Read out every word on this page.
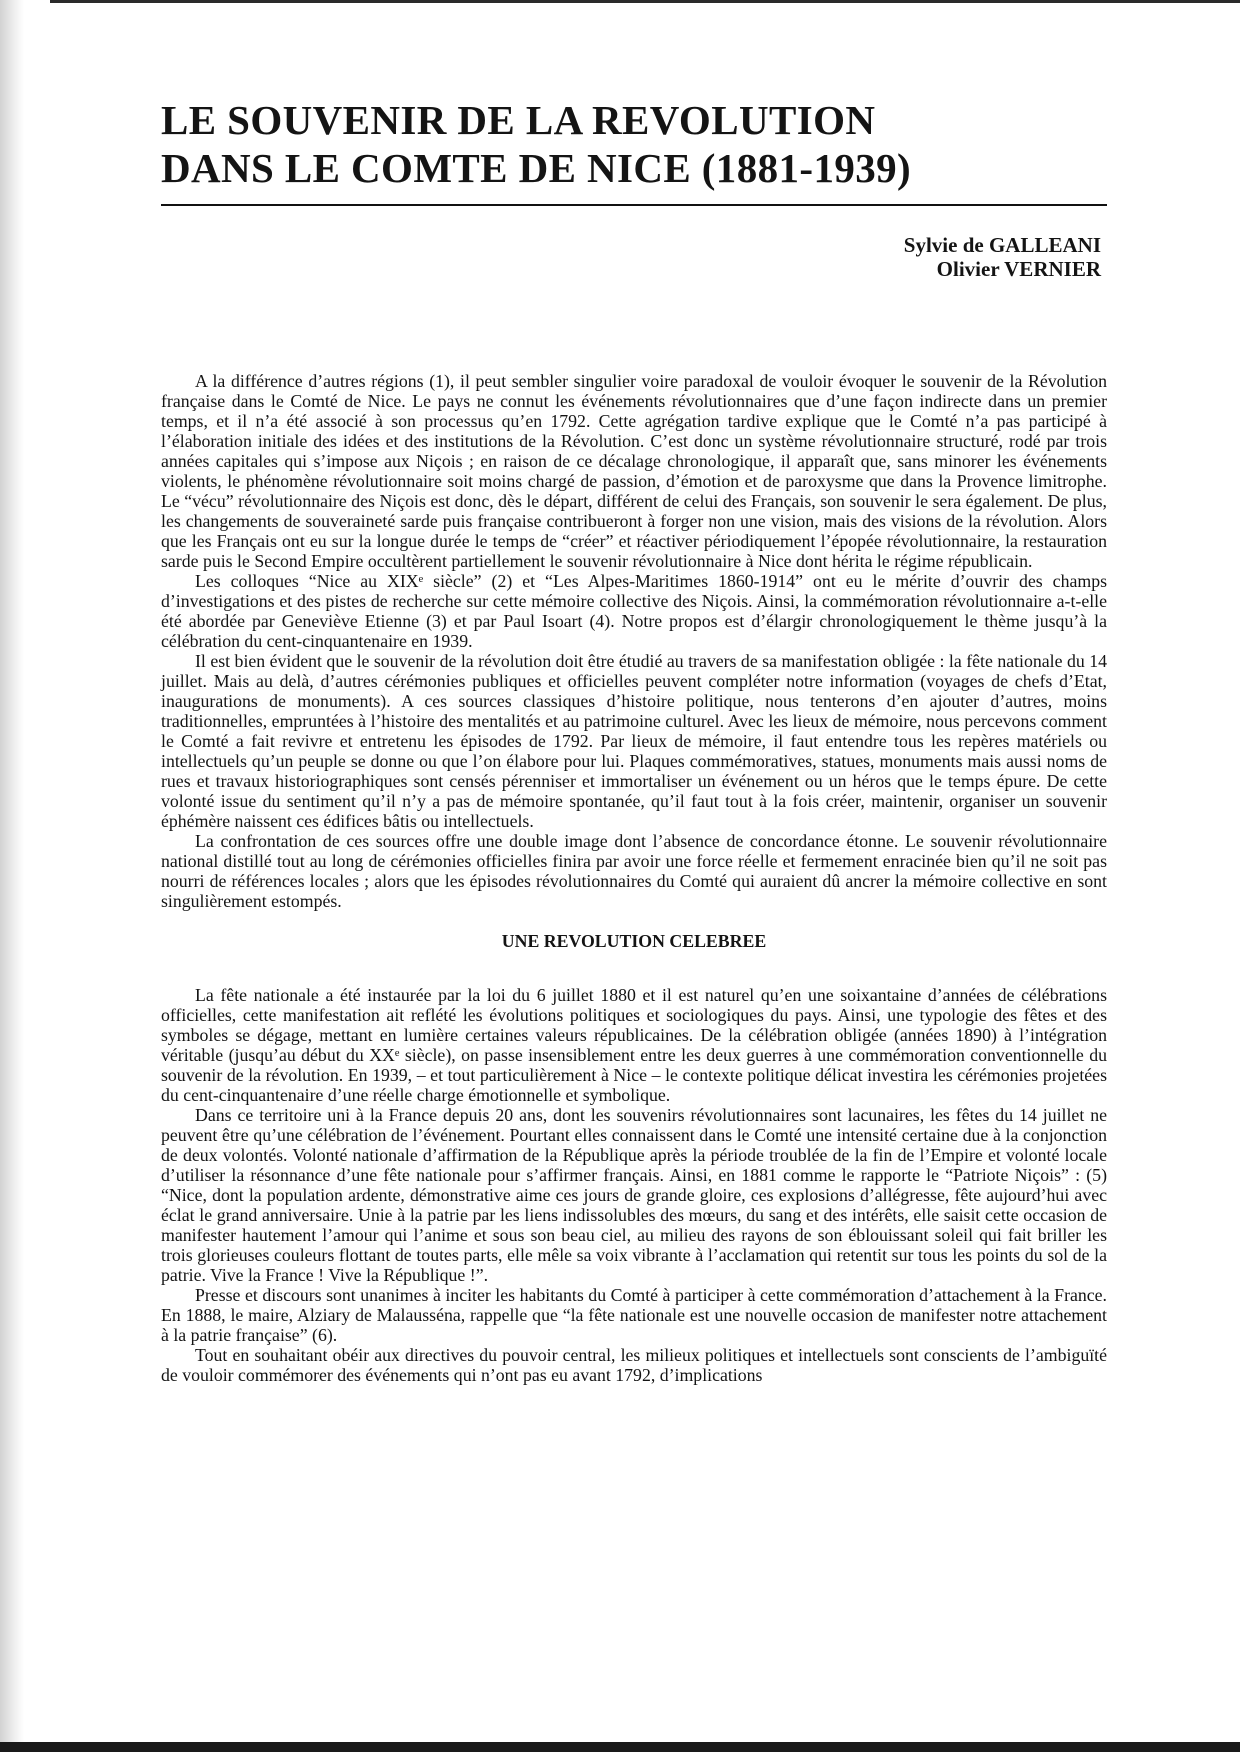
LE SOUVENIR DE LA REVOLUTION
DANS LE COMTE DE NICE (1881-1939)
Sylvie de GALLEANI
Olivier VERNIER

A la différence d’autres régions (1), il peut sembler singulier voire paradoxal de vouloir évoquer le souvenir de la Révolution française dans le Comté de Nice. Le pays ne connut les événements révolutionnaires que d’une façon indirecte dans un premier temps, et il n’a été associé à son processus qu’en 1792. Cette agrégation tardive explique que le Comté n’a pas participé à l’élaboration initiale des idées et des institutions de la Révolution. C’est donc un système révolutionnaire structuré, rodé par trois années capitales qui s’impose aux Niçois ; en raison de ce décalage chronologique, il apparaît que, sans minorer les événements violents, le phénomène révolutionnaire soit moins chargé de passion, d’émotion et de paroxysme que dans la Provence limitrophe. Le “vécu” révolutionnaire des Niçois est donc, dès le départ, différent de celui des Français, son souvenir le sera également. De plus, les changements de souveraineté sarde puis française contribueront à forger non une vision, mais des visions de la révolution. Alors que les Français ont eu sur la longue durée le temps de “créer” et réactiver périodiquement l’épopée révolutionnaire, la restauration sarde puis le Second Empire occultèrent partiellement le souvenir révolutionnaire à Nice dont hérita le régime républicain.

Les colloques “Nice au XIXᵉ siècle” (2) et “Les Alpes-Maritimes 1860-1914” ont eu le mérite d’ouvrir des champs d’investigations et des pistes de recherche sur cette mémoire collective des Niçois. Ainsi, la commémoration révolutionnaire a-t-elle été abordée par Geneviève Etienne (3) et par Paul Isoart (4). Notre propos est d’élargir chronologiquement le thème jusqu’à la célébration du cent-cinquantenaire en 1939.

Il est bien évident que le souvenir de la révolution doit être étudié au travers de sa manifestation obligée : la fête nationale du 14 juillet. Mais au delà, d’autres cérémonies publiques et officielles peuvent compléter notre information (voyages de chefs d’Etat, inaugurations de monuments). A ces sources classiques d’histoire politique, nous tenterons d’en ajouter d’autres, moins traditionnelles, empruntées à l’histoire des mentalités et au patrimoine culturel. Avec les lieux de mémoire, nous percevons comment le Comté a fait revivre et entretenu les épisodes de 1792. Par lieux de mémoire, il faut entendre tous les repères matériels ou intellectuels qu’un peuple se donne ou que l’on élabore pour lui. Plaques commémoratives, statues, monuments mais aussi noms de rues et travaux historiographiques sont censés pérenniser et immortaliser un événement ou un héros que le temps épure. De cette volonté issue du sentiment qu’il n’y a pas de mémoire spontanée, qu’il faut tout à la fois créer, maintenir, organiser un souvenir éphémère naissent ces édifices bâtis ou intellectuels.

La confrontation de ces sources offre une double image dont l’absence de concordance étonne. Le souvenir révolutionnaire national distillé tout au long de cérémonies officielles finira par avoir une force réelle et fermement enracinée bien qu’il ne soit pas nourri de références locales ; alors que les épisodes révolutionnaires du Comté qui auraient dû ancrer la mémoire collective en sont singulièrement estompés.

UNE REVOLUTION CELEBREE

La fête nationale a été instaurée par la loi du 6 juillet 1880 et il est naturel qu’en une soixantaine d’années de célébrations officielles, cette manifestation ait reflété les évolutions politiques et sociologiques du pays. Ainsi, une typologie des fêtes et des symboles se dégage, mettant en lumière certaines valeurs républicaines. De la célébration obligée (années 1890) à l’intégration véritable (jusqu’au début du XXᵉ siècle), on passe insensiblement entre les deux guerres à une commémoration conventionnelle du souvenir de la révolution. En 1939, – et tout particulièrement à Nice – le contexte politique délicat investira les cérémonies projetées du cent-cinquantenaire d’une réelle charge émotionnelle et symbolique.

Dans ce territoire uni à la France depuis 20 ans, dont les souvenirs révolutionnaires sont lacunaires, les fêtes du 14 juillet ne peuvent être qu’une célébration de l’événement. Pourtant elles connaissent dans le Comté une intensité certaine due à la conjonction de deux volontés. Volonté nationale d’affirmation de la République après la période troublée de la fin de l’Empire et volonté locale d’utiliser la résonnance d’une fête nationale pour s’affirmer français. Ainsi, en 1881 comme le rapporte le “Patriote Niçois” : (5) “Nice, dont la population ardente, démonstrative aime ces jours de grande gloire, ces explosions d’allégresse, fête aujourd’hui avec éclat le grand anniversaire. Unie à la patrie par les liens indissolubles des mœurs, du sang et des intérêts, elle saisit cette occasion de manifester hautement l’amour qui l’anime et sous son beau ciel, au milieu des rayons de son éblouissant soleil qui fait briller les trois glorieuses couleurs flottant de toutes parts, elle mêle sa voix vibrante à l’acclamation qui retentit sur tous les points du sol de la patrie. Vive la France ! Vive la République !”.

Presse et discours sont unanimes à inciter les habitants du Comté à participer à cette commémoration d’attachement à la France. En 1888, le maire, Alziary de Malausséna, rappelle que “la fête nationale est une nouvelle occasion de manifester notre attachement à la patrie française” (6).

Tout en souhaitant obéir aux directives du pouvoir central, les milieux politiques et intellectuels sont conscients de l’ambiguïté de vouloir commémorer des événements qui n’ont pas eu avant 1792, d’implications
